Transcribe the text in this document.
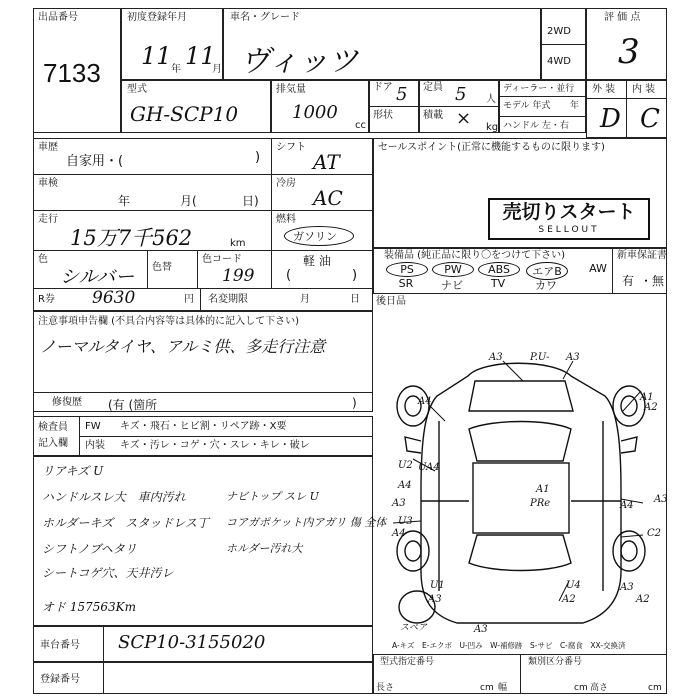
出品番号
7133
初度登録年月
11 年 11
月
車名・グレード
ヴィッツ
2WD
4WD
評 価 点
3
型式
GH-SCP10
排気量
1000
cc
ドア 5
形状
定員 5 人
積載 × kg
ディーラー・並行
モデル 年式 年
ハンドル 左・右
外 装 内 装
D C
車歴
自家用・(	)
シフト
AT
車検
年	月(	日)
冷房
AC
走行
15万7千562	km
燃料
ガソリン
色
シルバー 色替
色コード
199
軽 油
(	)
R券 9630	円 名変期限	月	日
セールスポイント(正常に機能するものに限ります)
売切りスタート
SELLOUT
装備品 (純正品に限り〇をつけて下さい)	新車保証書
有 ・ 無
PS	PW	ABS	エアB	AW
SR	ナビ	TV	カワ
後日品
注意事項申告欄 (不具合内容等は具体的に記入して下さい)
ノーマルタイヤ、アルミ供、多走行注意
修復歴 (有 (箇所	)
検査員
記入欄
FW キズ・飛石・ヒビ割・リペア跡・X要
内装 キズ・汚レ・コゲ・穴・スレ・キレ・破レ
リアキズ U
ハンドルスレ大　車内汚れ
ホルダーキズ　スタッドレス丁
シフトノブヘタリ
シートコゲ穴、天井汚レ
オド 157563Km
ナビトップ スレ U
コアガポケット内アガリ 傷 全体
ホルダー汚れ大
A3	A3
P.U-
A4	A1
A2
UA4
U2
A4
A3
U3
A4	C2
A1
PRe	A3
A4
A3
U1	U4
A2
A3
A2
スペア	A3
A-キズ　E-エクボ　U-凹み　W-補修跡　S-サビ　C-腐食　XX-交換済
車台番号 SCP10-3155020
登録番号
型式指定番号	類別区分番号
長さ	cm 幅	cm 高さ	cm
